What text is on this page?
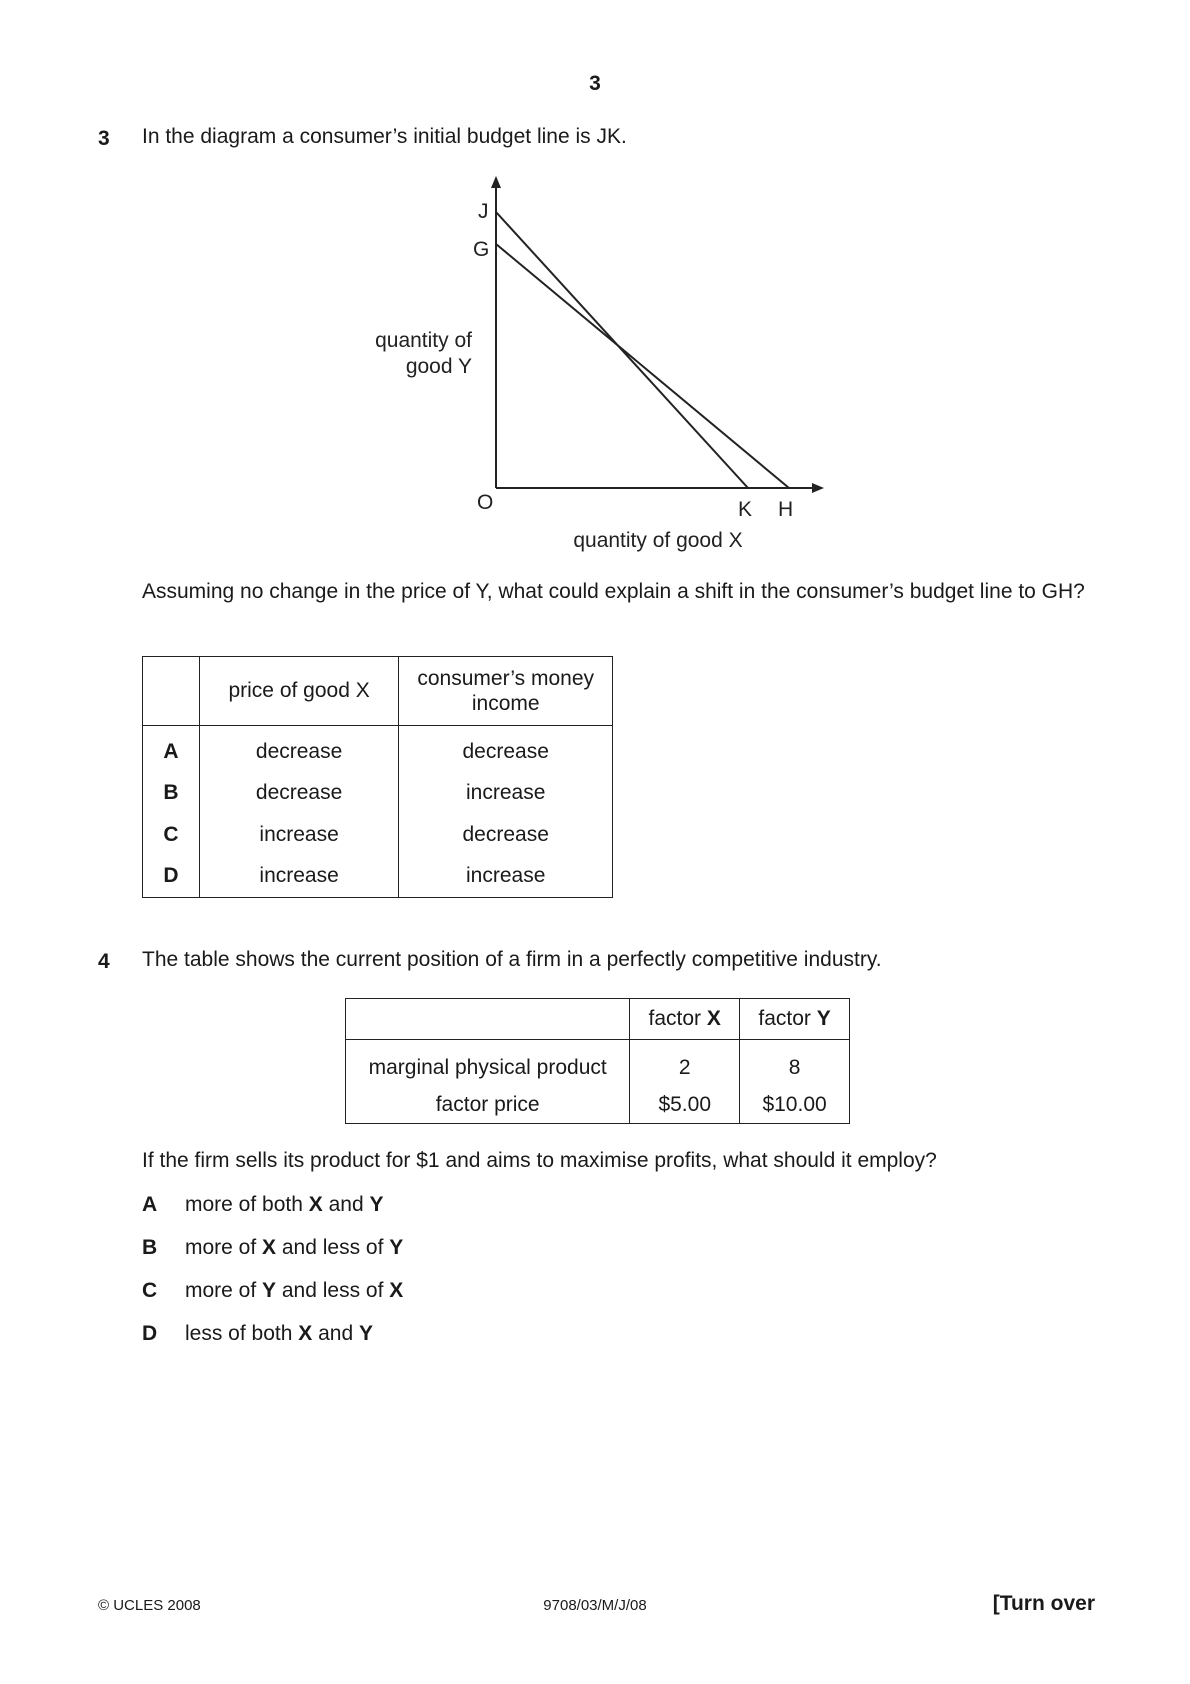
3
3 In the diagram a consumer’s initial budget line is JK.
J
G
O	K H
quantity of
good Y
quantity of good X
Assuming no change in the price of Y, what could explain a shift in the consumer’s budget line to GH?
	price of good X	consumer’s money
income

A	decrease	decrease
B	decrease	increase
C	increase	decrease
D	increase	increase
4 The table shows the current position of a firm in a perfectly competitive industry.
	factor X	factor Y
marginal physical product	2	8
factor price	$5.00	$10.00
If the firm sells its product for $1 and aims to maximise profits, what should it employ?
A more of both X and Y
B more of X and less of Y
C more of Y and less of X
D less of both X and Y
© UCLES 2008	9708/03/M/J/08	[Turn over
